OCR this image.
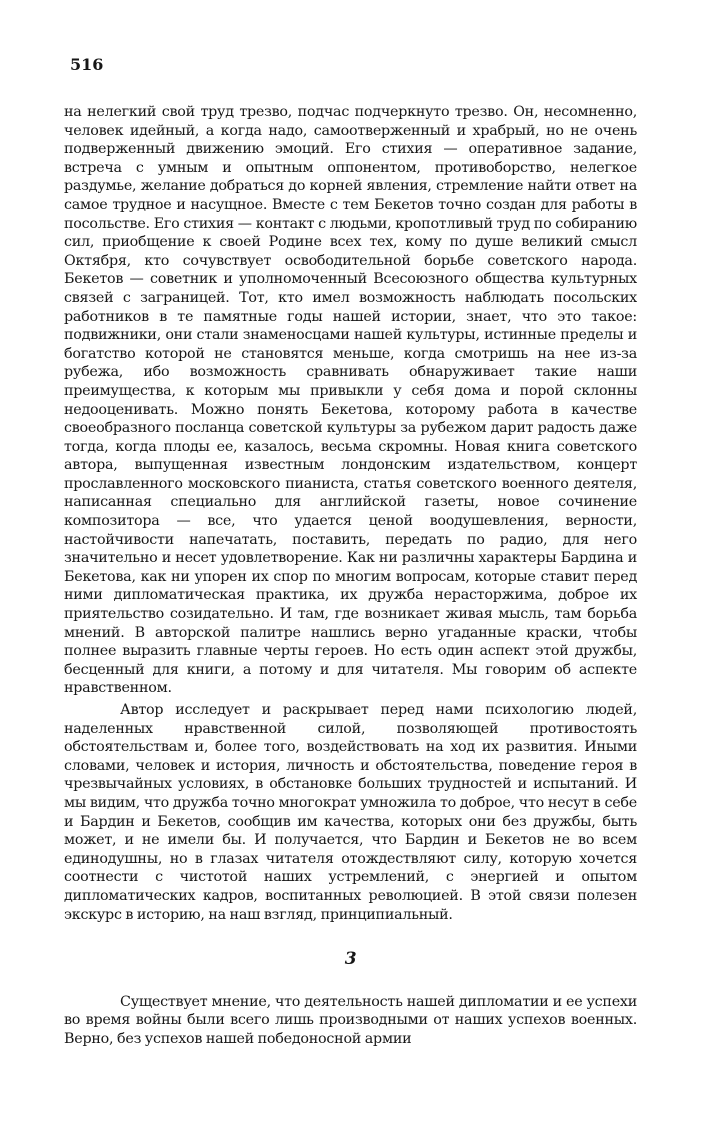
516

на нелегкий свой труд трезво, подчас подчеркнуто трезво. Он, несомненно, человек идейный, а когда надо, самоотверженный и храбрый, но не очень подверженный движению эмоций. Его стихия — оперативное задание, встреча с умным и опытным оппонентом, противоборство, нелегкое раздумье, желание добраться до корней явления, стремление найти ответ на самое трудное и насущное. Вместе с тем Бекетов точно создан для работы в посольстве. Его стихия — контакт с людьми, кропотливый труд по собиранию сил, приобщение к своей Родине всех тех, кому по душе великий смысл Октября, кто сочувствует освободительной борьбе советского народа. Бекетов — советник и уполномоченный Всесоюзного общества культурных связей с заграницей. Тот, кто имел возможность наблюдать посольских работников в те памятные годы нашей истории, знает, что это такое: подвижники, они стали знаменосцами нашей культуры, истинные пределы и богатство которой не становятся меньше, когда смотришь на нее из-за рубежа, ибо возможность сравнивать обнаруживает такие наши преимущества, к которым мы привыкли у себя дома и порой склонны недооценивать. Можно понять Бекетова, которому работа в качестве своеобразного посланца советской культуры за рубежом дарит радость даже тогда, когда плоды ее, казалось, весьма скромны. Новая книга советского автора, выпущенная известным лондонским издательством, концерт прославленного московского пианиста, статья советского военного деятеля, написанная специально для английской газеты, новое сочинение композитора — все, что удается ценой воодушевления, верности, настойчивости напечатать, поставить, передать по радио, для него значительно и несет удовлетворение. Как ни различны характеры Бардина и Бекетова, как ни упорен их спор по многим вопросам, которые ставит перед ними дипломатическая практика, их дружба нерасторжима, доброе их приятельство созидательно. И там, где возникает живая мысль, там борьба мнений. В авторской палитре нашлись верно угаданные краски, чтобы полнее выразить главные черты героев. Но есть один аспект этой дружбы, бесценный для книги, а потому и для читателя. Мы говорим об аспекте нравственном.

Автор исследует и раскрывает перед нами психологию людей, наделенных нравственной силой, позволяющей противостоять обстоятельствам и, более того, воздействовать на ход их развития. Иными словами, человек и история, личность и обстоятельства, поведение героя в чрезвычайных условиях, в обстановке больших трудностей и испытаний. И мы видим, что дружба точно многократ умножила то доброе, что несут в себе и Бардин и Бекетов, сообщив им качества, которых они без дружбы, быть может, и не имели бы. И получается, что Бардин и Бекетов не во всем единодушны, но в глазах читателя отождествляют силу, которую хочется соотнести с чистотой наших устремлений, с энергией и опытом дипломатических кадров, воспитанных революцией. В этой связи полезен экскурс в историю, на наш взгляд, принципиальный.

3

Существует мнение, что деятельность нашей дипломатии и ее успехи во время войны были всего лишь производными от наших успехов военных. Верно, без успехов нашей победоносной армии
